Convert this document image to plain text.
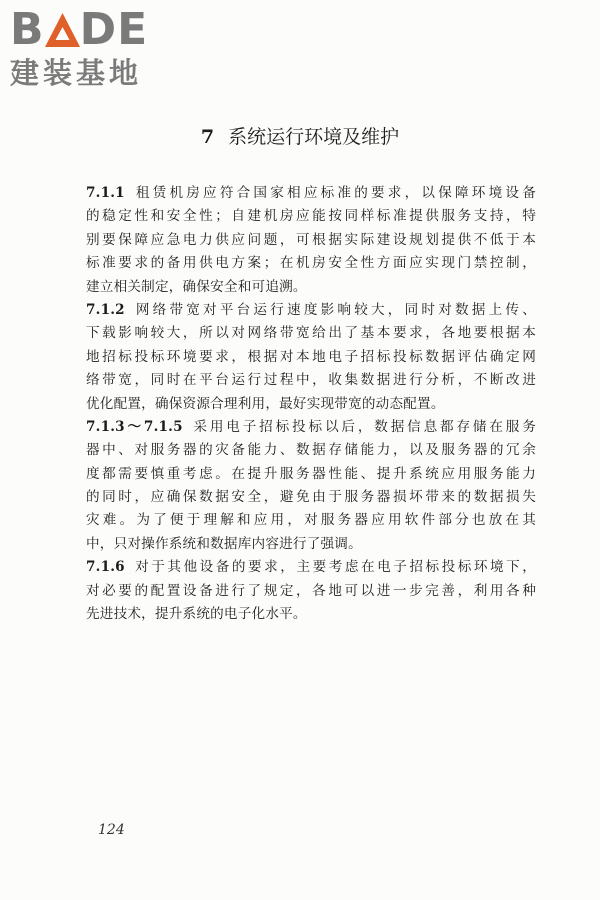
B DE
建装基地
7 系统运行环境及维护
7.1.1 租赁机房应符合国家相应标准的要求，以保障环境设备
的稳定性和安全性；自建机房应能按同样标准提供服务支持，特
别要保障应急电力供应问题，可根据实际建设规划提供不低于本
标准要求的备用供电方案；在机房安全性方面应实现门禁控制，
建立相关制定，确保安全和可追溯。
7.1.2 网络带宽对平台运行速度影响较大，同时对数据上传、
下载影响较大，所以对网络带宽给出了基本要求，各地要根据本
地招标投标环境要求，根据对本地电子招标投标数据评估确定网
络带宽，同时在平台运行过程中，收集数据进行分析，不断改进
优化配置，确保资源合理利用，最好实现带宽的动态配置。
7.1.3～7.1.5 采用电子招标投标以后，数据信息都存储在服务
器中、对服务器的灾备能力、数据存储能力，以及服务器的冗余
度都需要慎重考虑。在提升服务器性能、提升系统应用服务能力
的同时，应确保数据安全，避免由于服务器损坏带来的数据损失
灾难。为了便于理解和应用，对服务器应用软件部分也放在其
中，只对操作系统和数据库内容进行了强调。
7.1.6 对于其他设备的要求，主要考虑在电子招标投标环境下，
对必要的配置设备进行了规定，各地可以进一步完善，利用各种
先进技术，提升系统的电子化水平。
124
